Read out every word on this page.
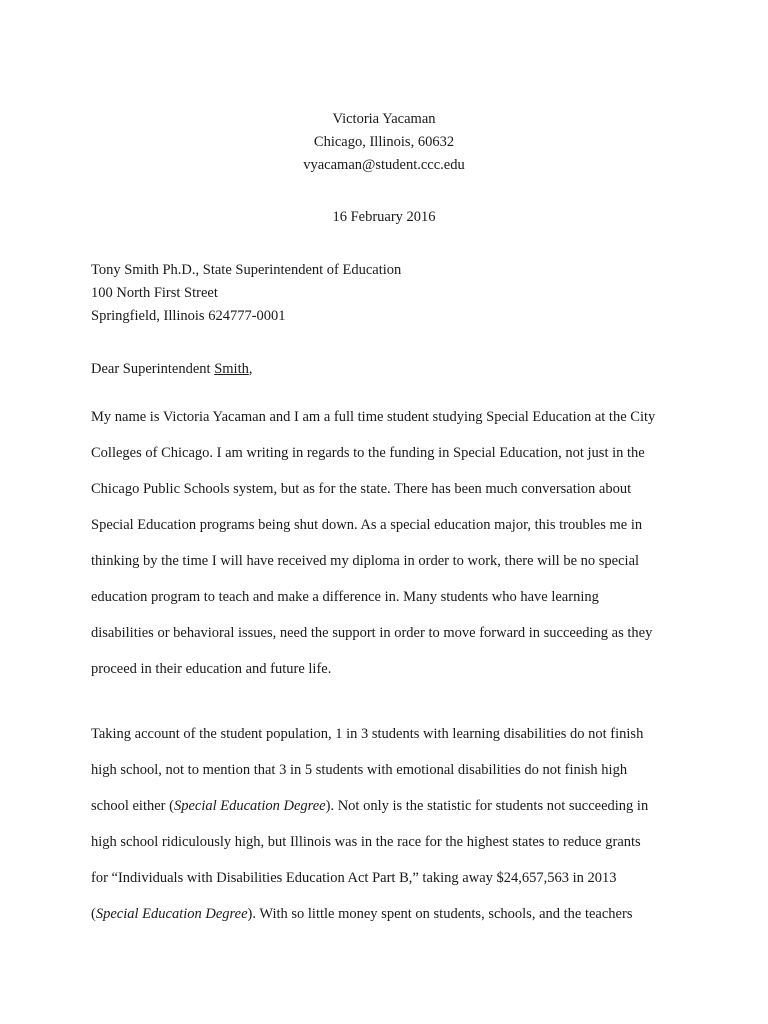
Victoria Yacaman
Chicago, Illinois, 60632
vyacaman@student.ccc.edu
16 February 2016
Tony Smith Ph.D., State Superintendent of Education
100 North First Street
Springfield, Illinois 624777-0001
Dear Superintendent Smith,
My name is Victoria Yacaman and I am a full time student studying Special Education at the City
Colleges of Chicago. I am writing in regards to the funding in Special Education, not just in the
Chicago Public Schools system, but as for the state. There has been much conversation about
Special Education programs being shut down. As a special education major, this troubles me in
thinking by the time I will have received my diploma in order to work, there will be no special
education program to teach and make a difference in. Many students who have learning
disabilities or behavioral issues, need the support in order to move forward in succeeding as they
proceed in their education and future life.
Taking account of the student population, 1 in 3 students with learning disabilities do not finish
high school, not to mention that 3 in 5 students with emotional disabilities do not finish high
school either (Special Education Degree). Not only is the statistic for students not succeeding in
high school ridiculously high, but Illinois was in the race for the highest states to reduce grants
for “Individuals with Disabilities Education Act Part B,” taking away $24,657,563 in 2013
(Special Education Degree). With so little money spent on students, schools, and the teachers
